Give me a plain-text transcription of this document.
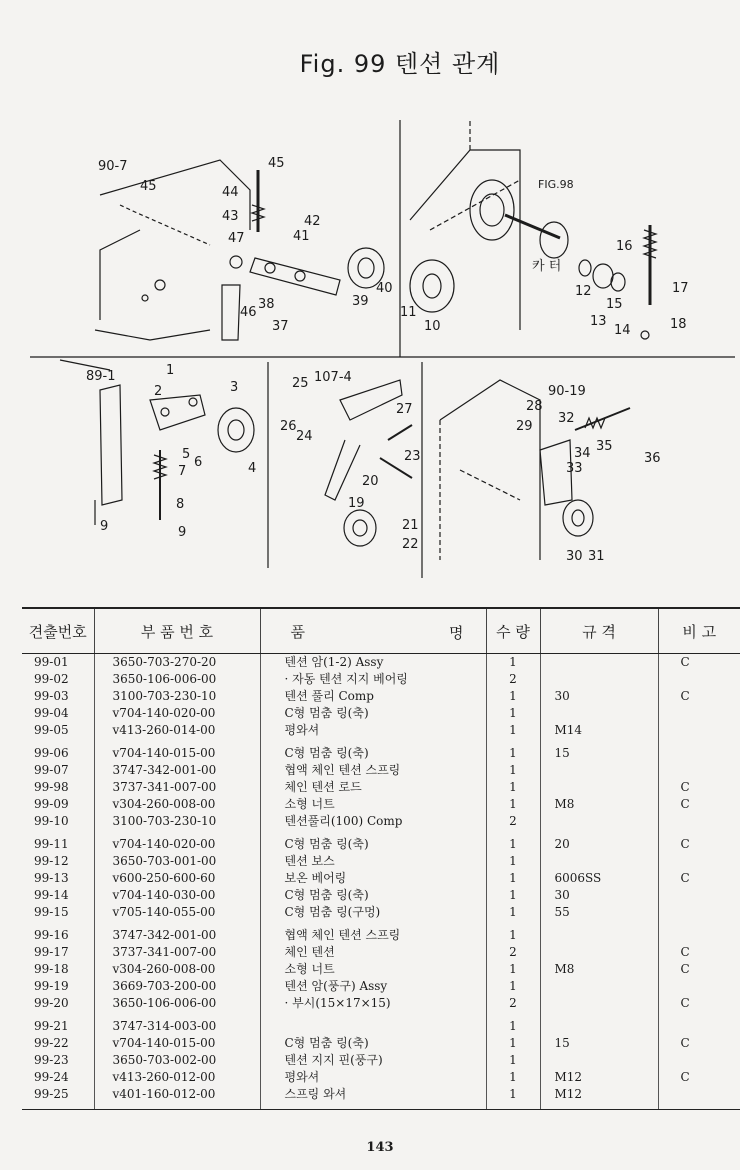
Fig. 99 텐션 관계
90-7
45
45
44
43
47
42
41
38
46
39
37
40
FIG.98
16
카 터
12
15
13
14
17
18
11
10
89-1	1
2	3
5
6	4
7
8
9	9
107-4
25
26
24
27
23
20
19
21
22
90-19
28
32
29
35
34
33
36
30 31
견출번호	부 품 번 호	품 명	수 량	규 격	비 고
99-01	3650-703-270-20	텐션 암(1-2) Assy	1		C
99-02	3650-106-006-00	· 자동 텐션 지지 베어링	2		
99-03	3100-703-230-10	텐션 풀리 Comp	1	30	C
99-04	v704-140-020-00	C형 멈춤 링(축)	1		
99-05	v413-260-014-00	평와셔	1	M14	
99-06	v704-140-015-00	C형 멈춤 링(축)	1	15	
99-07	3747-342-001-00	협액 체인 텐션 스프링	1		
99-98	3737-341-007-00	체인 텐션 로드	1		C
99-09	v304-260-008-00	소형 너트	1	M8	C
99-10	3100-703-230-10	텐션풀리(100) Comp	2		
99-11	v704-140-020-00	C형 멈춤 링(축)	1	20	C
99-12	3650-703-001-00	텐션 보스	1		
99-13	v600-250-600-60	보온 베어링	1	6006SS	C
99-14	v704-140-030-00	C형 멈춤 링(축)	1	30	
99-15	v705-140-055-00	C형 멈춤 링(구멍)	1	55	
99-16	3747-342-001-00	협액 체인 텐션 스프링	1		
99-17	3737-341-007-00	체인 텐션	2		C
99-18	v304-260-008-00	소형 너트	1	M8	C
99-19	3669-703-200-00	텐션 암(풍구) Assy	1		
99-20	3650-106-006-00	· 부시(15×17×15)	2		C
99-21	3747-314-003-00		1		
99-22	v704-140-015-00	C형 멈춤 링(축)	1	15	C
99-23	3650-703-002-00	텐션 지지 핀(풍구)	1		
99-24	v413-260-012-00	평와셔	1	M12	C
99-25	v401-160-012-00	스프링 와셔	1	M12	
143
